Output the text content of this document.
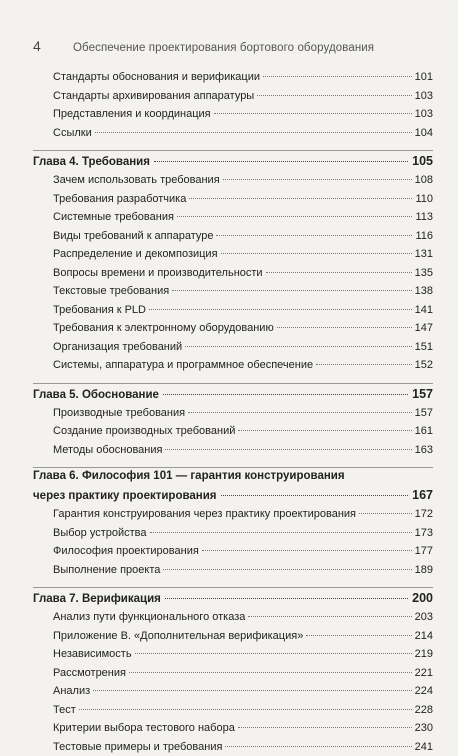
4	Обеспечение проектирования бортового оборудования
Стандарты обоснования и верификации	101
Стандарты архивирования аппаратуры	103
Представления и координация	103
Ссылки	104
Глава 4. Требования	105
Зачем использовать требования	108
Требования разработчика	110
Системные требования	113
Виды требований к аппаратуре	116
Распределение и декомпозиция	131
Вопросы времени и производительности	135
Текстовые требования	138
Требования к PLD	141
Требования к электронному оборудованию	147
Организация требований	151
Системы, аппаратура и программное обеспечение	152
Глава 5. Обоснование	157
Производные требования	157
Создание производных требований	161
Методы обоснования	163
Глава 6. Философия 101 — гарантия конструирования
через практику проектирования	167
Гарантия конструирования через практику проектирования	172
Выбор устройства	173
Философия проектирования	177
Выполнение проекта	189
Глава 7. Верификация	200
Анализ пути функционального отказа	203
Приложение В. «Дополнительная верификация»	214
Независимость	219
Рассмотрения	221
Анализ	224
Тест	228
Критерии выбора тестового набора	230
Тестовые примеры и требования	241
